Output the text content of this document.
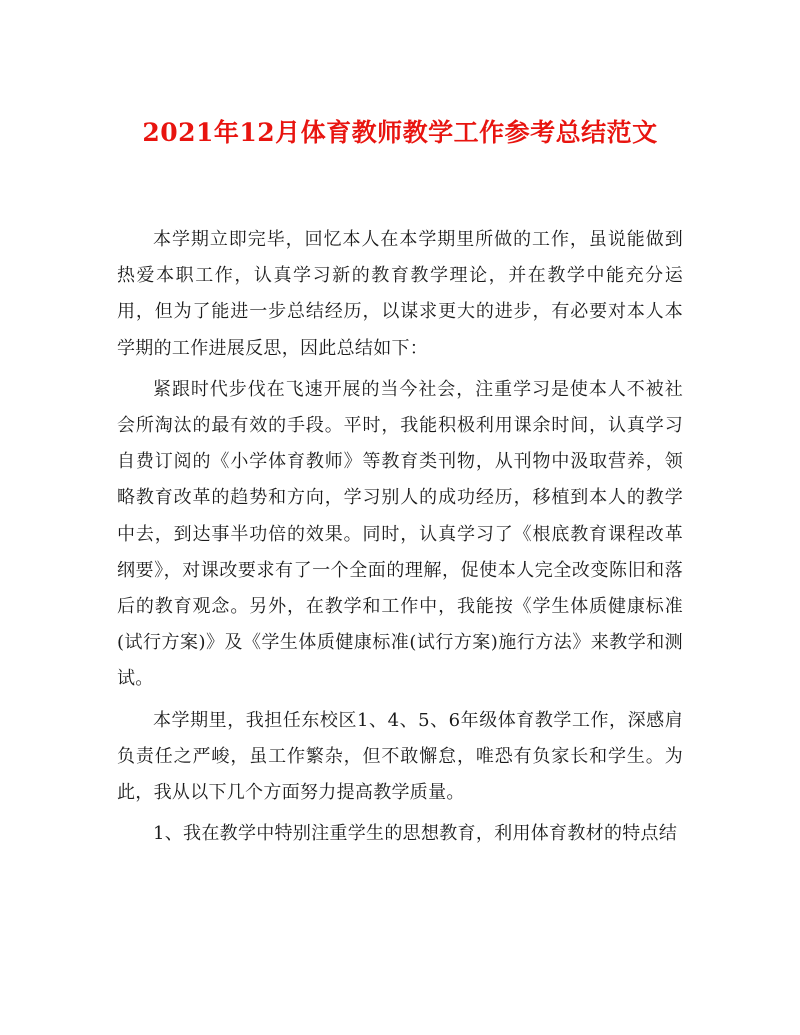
2021年12月体育教师教学工作参考总结范文

本学期立即完毕，回忆本人在本学期里所做的工作，虽说能做到热爱本职工作，认真学习新的教育教学理论，并在教学中能充分运用，但为了能进一步总结经历，以谋求更大的进步，有必要对本人本学期的工作进展反思，因此总结如下：

紧跟时代步伐在飞速开展的当今社会，注重学习是使本人不被社会所淘汰的最有效的手段。平时，我能积极利用课余时间，认真学习自费订阅的《小学体育教师》等教育类刊物，从刊物中汲取营养，领略教育改革的趋势和方向，学习别人的成功经历，移植到本人的教学中去，到达事半功倍的效果。同时，认真学习了《根底教育课程改革纲要》，对课改要求有了一个全面的理解，促使本人完全改变陈旧和落后的教育观念。另外，在教学和工作中，我能按《学生体质健康标准(试行方案)》及《学生体质健康标准(试行方案)施行方法》来教学和测试。

本学期里，我担任东校区1、4、5、6年级体育教学工作，深感肩负责任之严峻，虽工作繁杂，但不敢懈怠，唯恐有负家长和学生。为此，我从以下几个方面努力提高教学质量。

1、我在教学中特别注重学生的思想教育，利用体育教材的特点结
